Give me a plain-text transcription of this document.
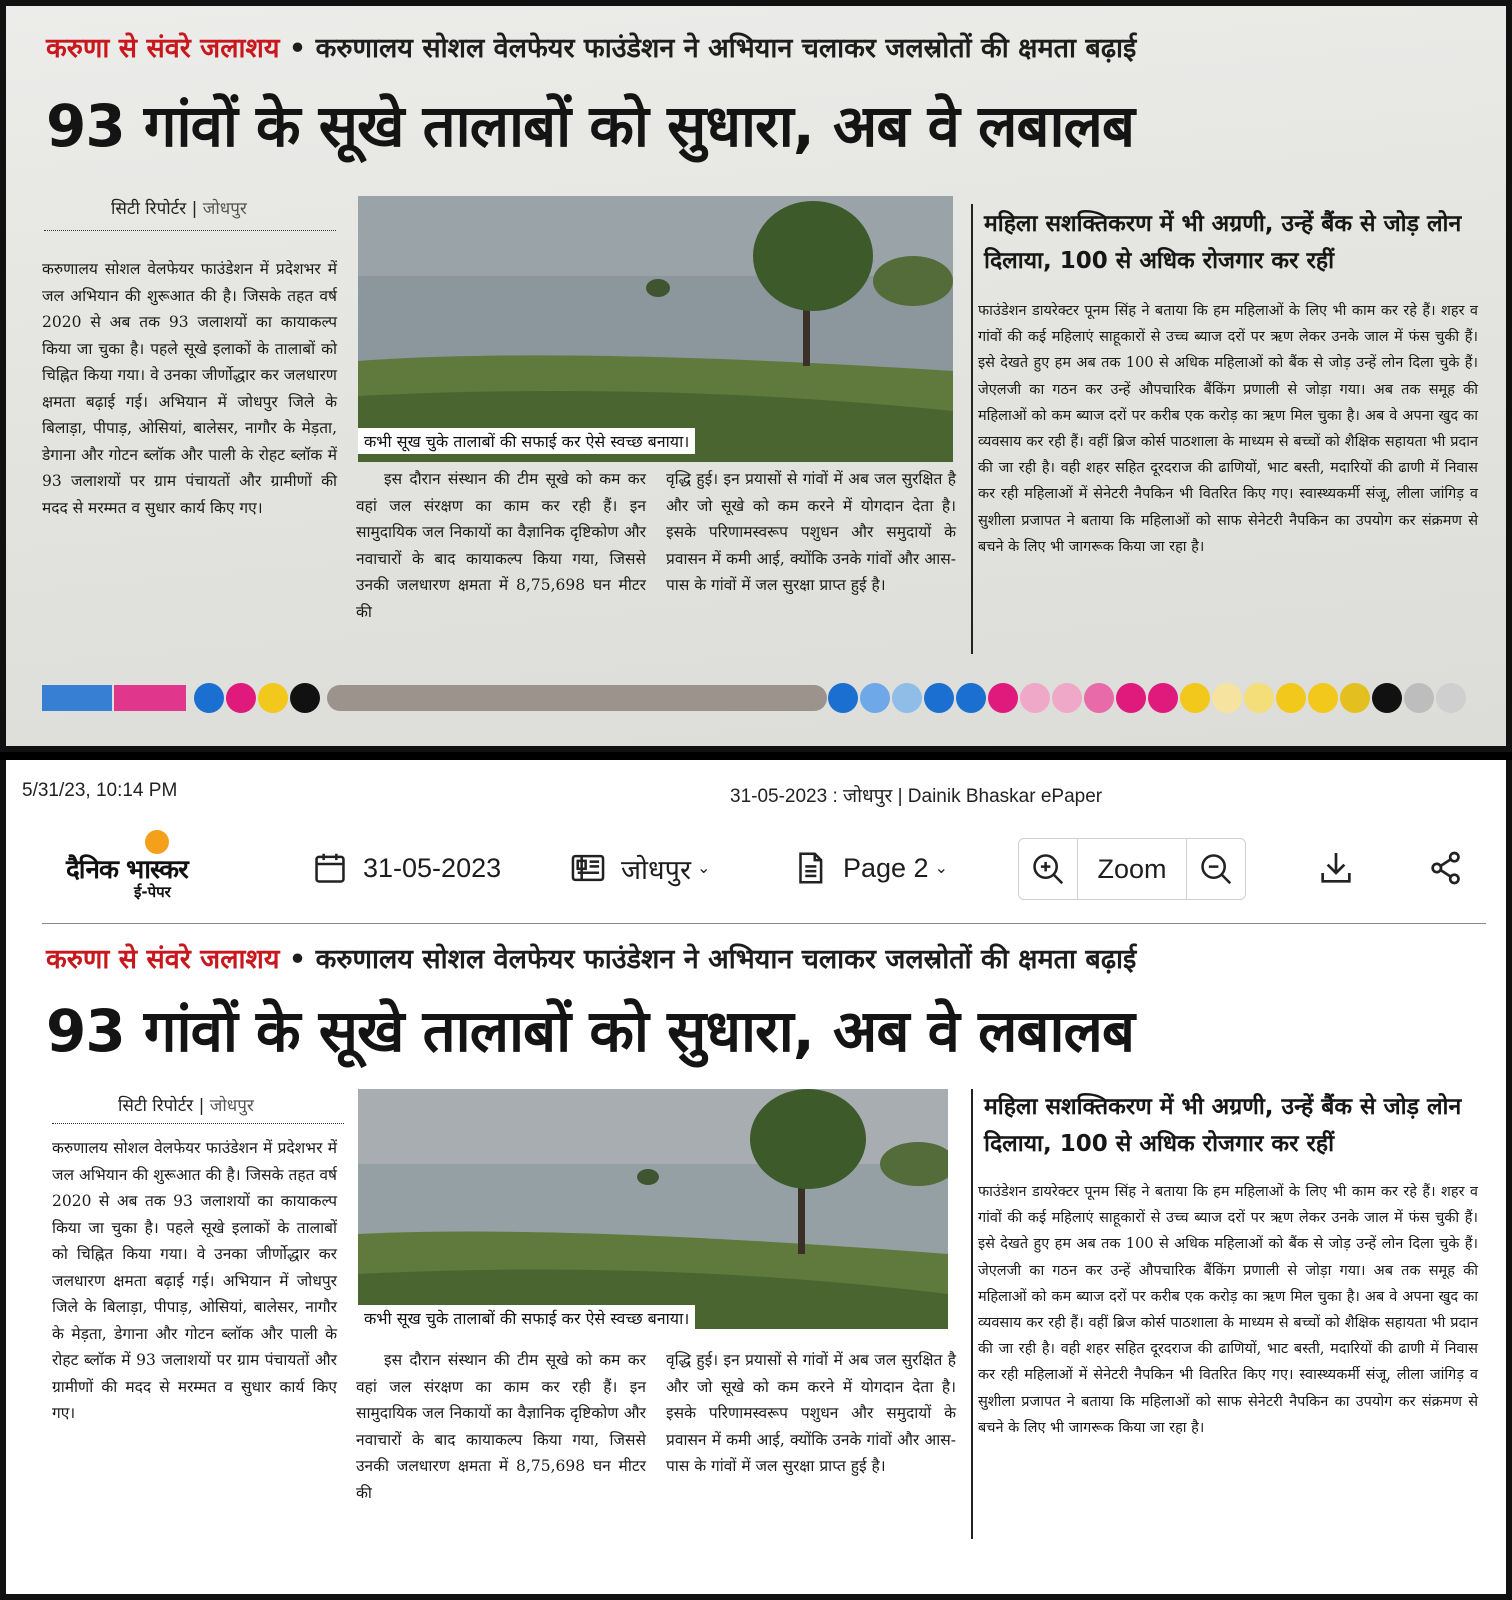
करुणा से संवरे जलाशय • करुणालय सोशल वेलफेयर फाउंडेशन ने अभियान चलाकर जलस्रोतों की क्षमता बढ़ाई
93 गांवों के सूखे तालाबों को सुधारा, अब वे लबालब
सिटी रिपोर्टर | जोधपुर
करुणालय सोशल वेलफेयर फाउंडेशन में प्रदेशभर में जल अभियान की शुरूआत की है। जिसके तहत वर्ष 2020 से अब तक 93 जलाशयों का कायाकल्प किया जा चुका है। पहले सूखे इलाकों के तालाबों को चिह्नित किया गया। वे उनका जीर्णोद्धार कर जलधारण क्षमता बढ़ाई गई। अभियान में जोधपुर जिले के बिलाड़ा, पीपाड़, ओसियां, बालेसर, नागौर के मेड़ता, डेगाना और गोटन ब्लॉक और पाली के रोहट ब्लॉक में 93 जलाशयों पर ग्राम पंचायतों और ग्रामीणों की मदद से मरम्मत व सुधार कार्य किए गए।
कभी सूख चुके तालाबों की सफाई कर ऐसे स्वच्छ बनाया।
इस दौरान संस्थान की टीम सूखे को कम कर वहां जल संरक्षण का काम कर रही हैं। इन सामुदायिक जल निकायों का वैज्ञानिक दृष्टिकोण और नवाचारों के बाद कायाकल्प किया गया, जिससे उनकी जलधारण क्षमता में 8,75,698 घन मीटर की
वृद्धि हुई। इन प्रयासों से गांवों में अब जल सुरक्षित है और जो सूखे को कम करने में योगदान देता है। इसके परिणामस्वरूप पशुधन और समुदायों के प्रवासन में कमी आई, क्योंकि उनके गांवों और आस-पास के गांवों में जल सुरक्षा प्राप्त हुई है।
महिला सशक्तिकरण में भी अग्रणी, उन्हें बैंक से जोड़ लोन दिलाया, 100 से अधिक रोजगार कर रहीं
फाउंडेशन डायरेक्टर पूनम सिंह ने बताया कि हम महिलाओं के लिए भी काम कर रहे हैं। शहर व गांवों की कई महिलाएं साहूकारों से उच्च ब्याज दरों पर ऋण लेकर उनके जाल में फंस चुकी हैं। इसे देखते हुए हम अब तक 100 से अधिक महिलाओं को बैंक से जोड़ उन्हें लोन दिला चुके हैं। जेएलजी का गठन कर उन्हें औपचारिक बैंकिंग प्रणाली से जोड़ा गया। अब तक समूह की महिलाओं को कम ब्याज दरों पर करीब एक करोड़ का ऋण मिल चुका है। अब वे अपना खुद का व्यवसाय कर रही हैं। वहीं ब्रिज कोर्स पाठशाला के माध्यम से बच्चों को शैक्षिक सहायता भी प्रदान की जा रही है। वही शहर सहित दूरदराज की ढाणियों, भाट बस्ती, मदारियों की ढाणी में निवास कर रही महिलाओं में सेनेटरी नैपकिन भी वितरित किए गए। स्वास्थ्यकर्मी संजू, लीला जांगिड़ व सुशीला प्रजापत ने बताया कि महिलाओं को साफ सेनेटरी नैपकिन का उपयोग कर संक्रमण से बचने के लिए भी जागरूक किया जा रहा है।
5/31/23, 10:14 PM	31-05-2023 : जोधपुर | Dainik Bhaskar ePaper
दैनिक भास्कर
ई-पेपर
31-05-2023	जोधपुर ⌄	Page 2 ⌄	Zoom
करुणा से संवरे जलाशय • करुणालय सोशल वेलफेयर फाउंडेशन ने अभियान चलाकर जलस्रोतों की क्षमता बढ़ाई
93 गांवों के सूखे तालाबों को सुधारा, अब वे लबालब
सिटी रिपोर्टर | जोधपुर
करुणालय सोशल वेलफेयर फाउंडेशन में प्रदेशभर में जल अभियान की शुरूआत की है। जिसके तहत वर्ष 2020 से अब तक 93 जलाशयों का कायाकल्प किया जा चुका है। पहले सूखे इलाकों के तालाबों को चिह्नित किया गया। वे उनका जीर्णोद्धार कर जलधारण क्षमता बढ़ाई गई। अभियान में जोधपुर जिले के बिलाड़ा, पीपाड़, ओसियां, बालेसर, नागौर के मेड़ता, डेगाना और गोटन ब्लॉक और पाली के रोहट ब्लॉक में 93 जलाशयों पर ग्राम पंचायतों और ग्रामीणों की मदद से मरम्मत व सुधार कार्य किए गए।
कभी सूख चुके तालाबों की सफाई कर ऐसे स्वच्छ बनाया।
इस दौरान संस्थान की टीम सूखे को कम कर वहां जल संरक्षण का काम कर रही हैं। इन सामुदायिक जल निकायों का वैज्ञानिक दृष्टिकोण और नवाचारों के बाद कायाकल्प किया गया, जिससे उनकी जलधारण क्षमता में 8,75,698 घन मीटर की
वृद्धि हुई। इन प्रयासों से गांवों में अब जल सुरक्षित है और जो सूखे को कम करने में योगदान देता है। इसके परिणामस्वरूप पशुधन और समुदायों के प्रवासन में कमी आई, क्योंकि उनके गांवों और आस-पास के गांवों में जल सुरक्षा प्राप्त हुई है।
महिला सशक्तिकरण में भी अग्रणी, उन्हें बैंक से जोड़ लोन दिलाया, 100 से अधिक रोजगार कर रहीं
फाउंडेशन डायरेक्टर पूनम सिंह ने बताया कि हम महिलाओं के लिए भी काम कर रहे हैं। शहर व गांवों की कई महिलाएं साहूकारों से उच्च ब्याज दरों पर ऋण लेकर उनके जाल में फंस चुकी हैं। इसे देखते हुए हम अब तक 100 से अधिक महिलाओं को बैंक से जोड़ उन्हें लोन दिला चुके हैं। जेएलजी का गठन कर उन्हें औपचारिक बैंकिंग प्रणाली से जोड़ा गया। अब तक समूह की महिलाओं को कम ब्याज दरों पर करीब एक करोड़ का ऋण मिल चुका है। अब वे अपना खुद का व्यवसाय कर रही हैं। वहीं ब्रिज कोर्स पाठशाला के माध्यम से बच्चों को शैक्षिक सहायता भी प्रदान की जा रही है। वही शहर सहित दूरदराज की ढाणियों, भाट बस्ती, मदारियों की ढाणी में निवास कर रही महिलाओं में सेनेटरी नैपकिन भी वितरित किए गए। स्वास्थ्यकर्मी संजू, लीला जांगिड़ व सुशीला प्रजापत ने बताया कि महिलाओं को साफ सेनेटरी नैपकिन का उपयोग कर संक्रमण से बचने के लिए भी जागरूक किया जा रहा है।
